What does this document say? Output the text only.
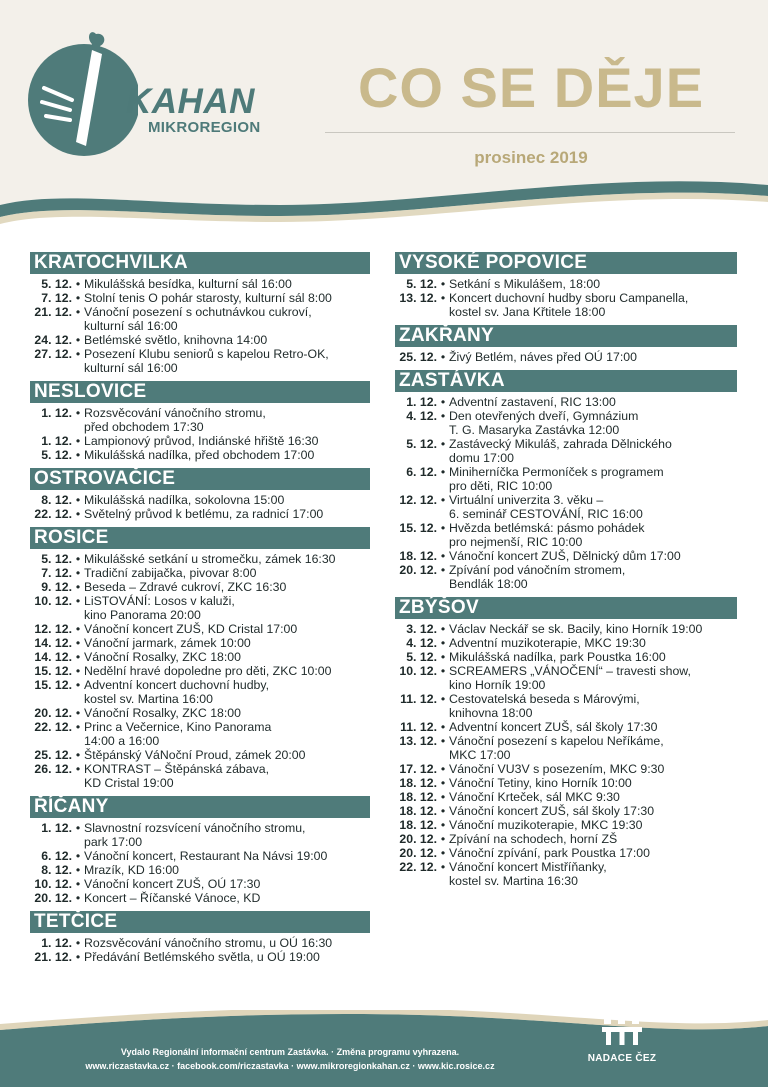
KAHAN
MIKROREGION
CO SE DĚJE
prosinec 2019
KRATOCHVILKA
5. 12. • Mikulášská besídka, kulturní sál 16:00
7. 12. • Stolní tenis O pohár starosty, kulturní sál 8:00
21. 12. • Vánoční posezení s ochutnávkou cukroví,
kulturní sál 16:00
24. 12. • Betlémské světlo, knihovna 14:00
27. 12. • Posezení Klubu seniorů s kapelou Retro-OK,
kulturní sál 16:00
NESLOVICE
1. 12. • Rozsvěcování vánočního stromu,
před obchodem 17:30
1. 12. • Lampionový průvod, Indiánské hřiště 16:30
5. 12. • Mikulášská nadílka, před obchodem 17:00
OSTROVAČICE
8. 12. • Mikulášská nadílka, sokolovna 15:00
22. 12. • Světelný průvod k betlému, za radnicí 17:00
ROSICE
5. 12. • Mikulášské setkání u stromečku, zámek 16:30
7. 12. • Tradiční zabijačka, pivovar 8:00
9. 12. • Beseda – Zdravé cukroví, ZKC 16:30
10. 12. • LiSTOVÁNÍ: Losos v kaluži,
kino Panorama 20:00
12. 12. • Vánoční koncert ZUŠ, KD Cristal 17:00
14. 12. • Vánoční jarmark, zámek 10:00
14. 12. • Vánoční Rosalky, ZKC 18:00
15. 12. • Nedělní hravé dopoledne pro děti, ZKC 10:00
15. 12. • Adventní koncert duchovní hudby,
kostel sv. Martina 16:00
20. 12. • Vánoční Rosalky, ZKC 18:00
22. 12. • Princ a Večernice, Kino Panorama
14:00 a 16:00
25. 12. • Štěpánský VáNoční Proud, zámek 20:00
26. 12. • KONTRAST – Štěpánská zábava,
KD Cristal 19:00
ŘÍČANY
1. 12. • Slavnostní rozsvícení vánočního stromu,
park 17:00
6. 12. • Vánoční koncert, Restaurant Na Návsi 19:00
8. 12. • Mrazík, KD 16:00
10. 12. • Vánoční koncert ZUŠ, OÚ 17:30
20. 12. • Koncert – Říčanské Vánoce, KD
TETČICE
1. 12. • Rozsvěcování vánočního stromu, u OÚ 16:30
21. 12. • Předávání Betlémského světla, u OÚ 19:00
VYSOKÉ POPOVICE
5. 12. • Setkání s Mikulášem, 18:00
13. 12. • Koncert duchovní hudby sboru Campanella,
kostel sv. Jana Křtitele 18:00
ZAKŘANY
25. 12. • Živý Betlém, náves před OÚ 17:00
ZASTÁVKA
1. 12. • Adventní zastavení, RIC 13:00
4. 12. • Den otevřených dveří, Gymnázium
T. G. Masaryka Zastávka 12:00
5. 12. • Zastávecký Mikuláš, zahrada Dělnického
domu 17:00
6. 12. • Miniherníčka Permoníček s programem
pro děti, RIC 10:00
12. 12. • Virtuální univerzita 3. věku –
6. seminář CESTOVÁNÍ, RIC 16:00
15. 12. • Hvězda betlémská: pásmo pohádek
pro nejmenší, RIC 10:00
18. 12. • Vánoční koncert ZUŠ, Dělnický dům 17:00
20. 12. • Zpívání pod vánočním stromem,
Bendlák 18:00
ZBÝŠOV
3. 12. • Václav Neckář se sk. Bacily, kino Horník 19:00
4. 12. • Adventní muzikoterapie, MKC 19:30
5. 12. • Mikulášská nadílka, park Poustka 16:00
10. 12. • SCREAMERS „VÁNOČENÍ“ – travesti show,
kino Horník 19:00
11. 12. • Cestovatelská beseda s Márovými,
knihovna 18:00
11. 12. • Adventní koncert ZUŠ, sál školy 17:30
13. 12. • Vánoční posezení s kapelou Neříkáme,
MKC 17:00
17. 12. • Vánoční VU3V s posezením, MKC 9:30
18. 12. • Vánoční Tetiny, kino Horník 10:00
18. 12. • Vánoční Krteček, sál MKC 9:30
18. 12. • Vánoční koncert ZUŠ, sál školy 17:30
18. 12. • Vánoční muzikoterapie, MKC 19:30
20. 12. • Zpívání na schodech, horní ZŠ
20. 12. • Vánoční zpívání, park Poustka 17:00
22. 12. • Vánoční koncert Mistříňanky,
kostel sv. Martina 16:30
Vydalo Regionální informační centrum Zastávka. · Změna programu vyhrazena.
www.riczastavka.cz · facebook.com/riczastavka · www.mikroregionkahan.cz · www.kic.rosice.cz
NADACE ČEZ
